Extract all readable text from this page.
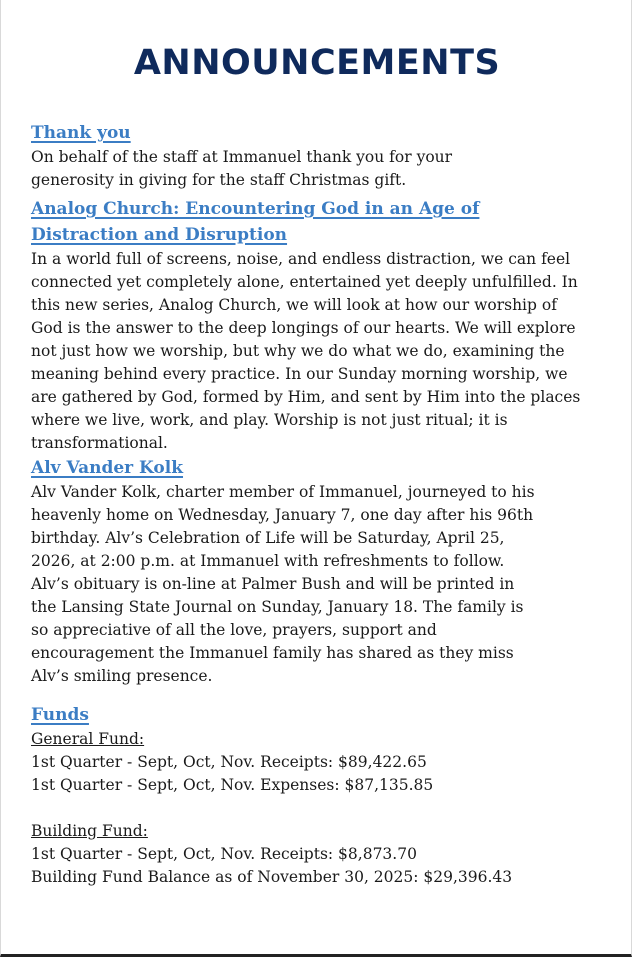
ANNOUNCEMENTS
Thank you

On behalf of the staff at Immanuel thank you for your
generosity in giving for the staff Christmas gift.

Analog Church: Encountering God in an Age of
Distraction and Disruption

In a world full of screens, noise, and endless distraction, we can feel
connected yet completely alone, entertained yet deeply unfulfilled. In
this new series, Analog Church, we will look at how our worship of
God is the answer to the deep longings of our hearts. We will explore
not just how we worship, but why we do what we do, examining the
meaning behind every practice. In our Sunday morning worship, we
are gathered by God, formed by Him, and sent by Him into the places
where we live, work, and play. Worship is not just ritual; it is
transformational.

Alv Vander Kolk

Alv Vander Kolk, charter member of Immanuel, journeyed to his
heavenly home on Wednesday, January 7, one day after his 96th
birthday. Alv’s Celebration of Life will be Saturday, April 25,
2026, at 2:00 p.m. at Immanuel with refreshments to follow.
Alv’s obituary is on-line at Palmer Bush and will be printed in
the Lansing State Journal on Sunday, January 18. The family is
so appreciative of all the love, prayers, support and
encouragement the Immanuel family has shared as they miss
Alv’s smiling presence.

Funds
General Fund:
1st Quarter - Sept, Oct, Nov. Receipts: $89,422.65
1st Quarter - Sept, Oct, Nov. Expenses: $87,135.85
Building Fund:
1st Quarter - Sept, Oct, Nov. Receipts: $8,873.70
Building Fund Balance as of November 30, 2025: $29,396.43
